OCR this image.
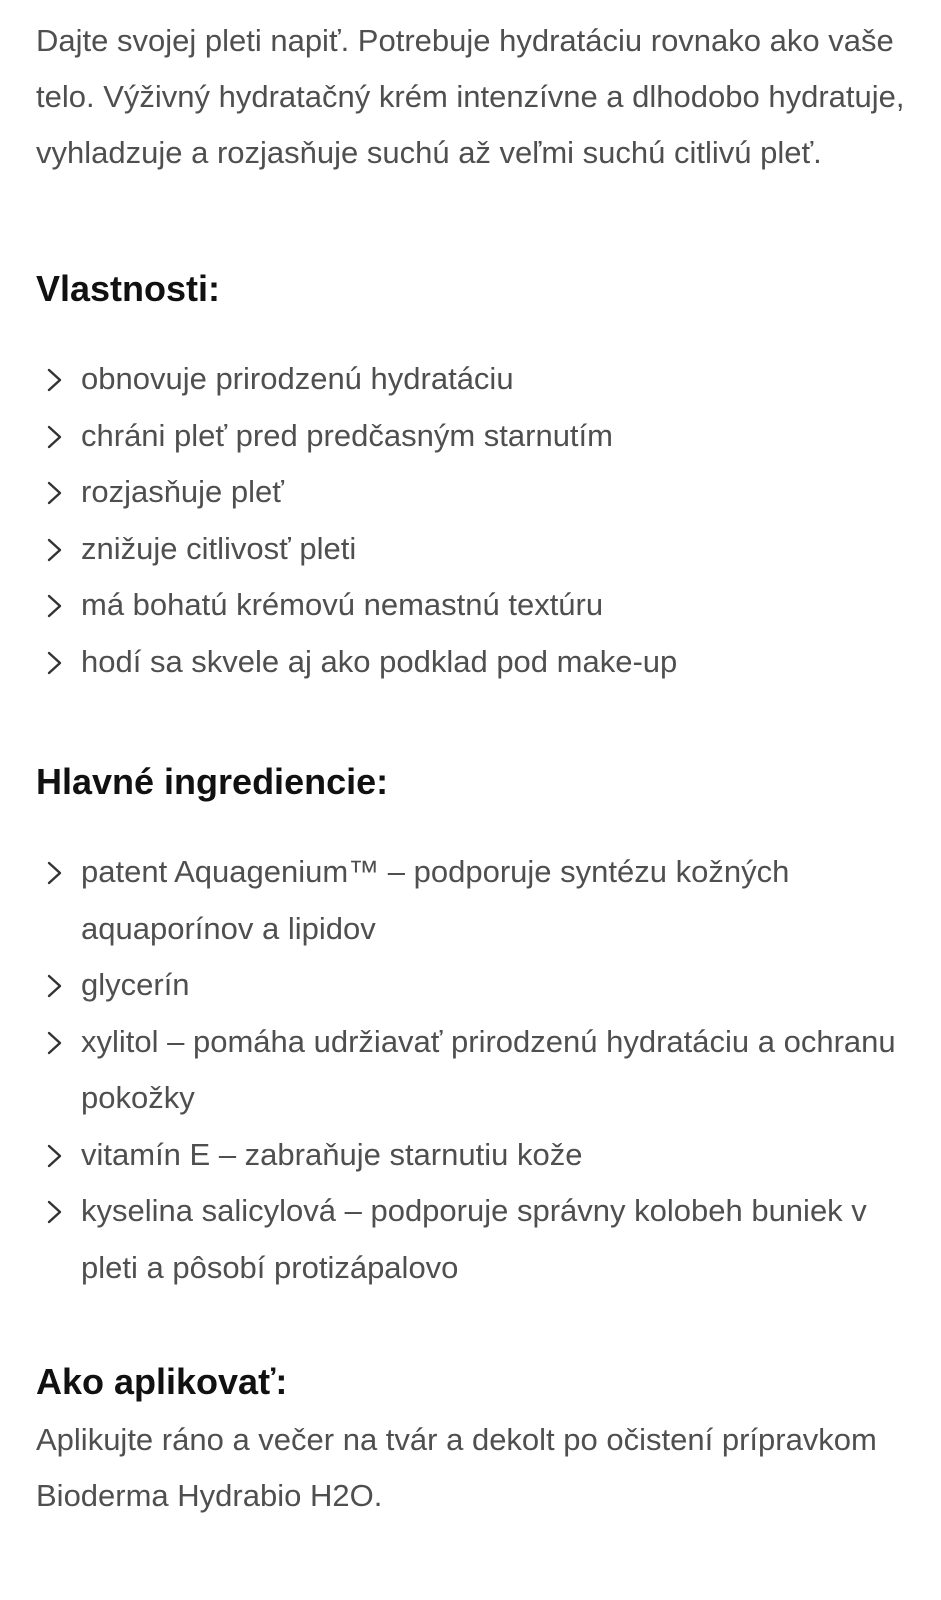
Dajte svojej pleti napiť. Potrebuje hydratáciu rovnako ako vaše telo. Výživný hydratačný krém intenzívne a dlhodobo hydratuje, vyhladzuje a rozjasňuje suchú až veľmi suchú citlivú pleť.

Vlastnosti:
obnovuje prirodzenú hydratáciu
chráni pleť pred predčasným starnutím
rozjasňuje pleť
znižuje citlivosť pleti
má bohatú krémovú nemastnú textúru
hodí sa skvele aj ako podklad pod make-up
Hlavné ingrediencie:
patent Aquagenium™ – podporuje syntézu kožných aquaporínov a lipidov
glycerín
xylitol – pomáha udržiavať prirodzenú hydratáciu a ochranu pokožky
vitamín E – zabraňuje starnutiu kože
kyselina salicylová – podporuje správny kolobeh buniek v pleti a pôsobí protizápalovo
Ako aplikovať:

Aplikujte ráno a večer na tvár a dekolt po očistení prípravkom Bioderma Hydrabio H2O.
